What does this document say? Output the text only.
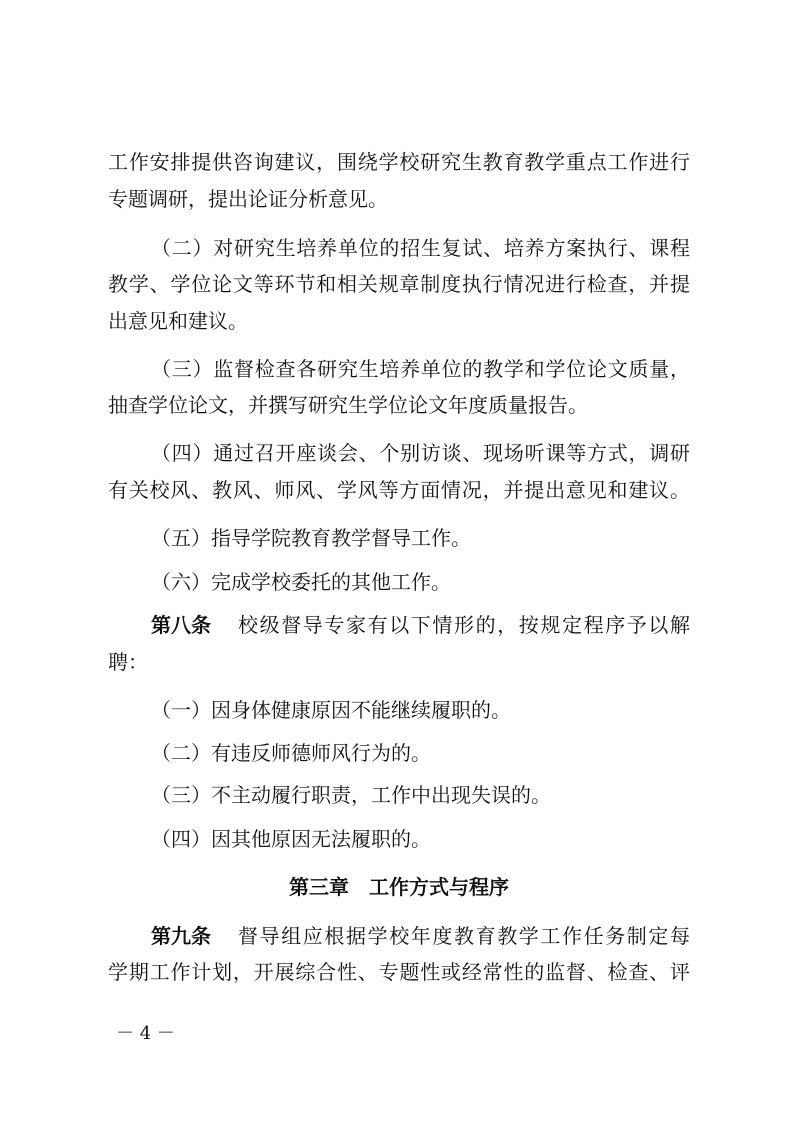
工作安排提供咨询建议，围绕学校研究生教育教学重点工作进行
专题调研，提出论证分析意见。
（二）对研究生培养单位的招生复试、培养方案执行、课程
教学、学位论文等环节和相关规章制度执行情况进行检查，并提
出意见和建议。
（三）监督检查各研究生培养单位的教学和学位论文质量，
抽查学位论文，并撰写研究生学位论文年度质量报告。
（四）通过召开座谈会、个别访谈、现场听课等方式，调研
有关校风、教风、师风、学风等方面情况，并提出意见和建议。
（五）指导学院教育教学督导工作。
（六）完成学校委托的其他工作。
第八条	校级督导专家有以下情形的，按规定程序予以解
聘：
（一）因身体健康原因不能继续履职的。
（二）有违反师德师风行为的。
（三）不主动履行职责，工作中出现失误的。
（四）因其他原因无法履职的。
第三章　工作方式与程序
第九条	督导组应根据学校年度教育教学工作任务制定每
学期工作计划，开展综合性、专题性或经常性的监督、检查、评
－ 4 －
